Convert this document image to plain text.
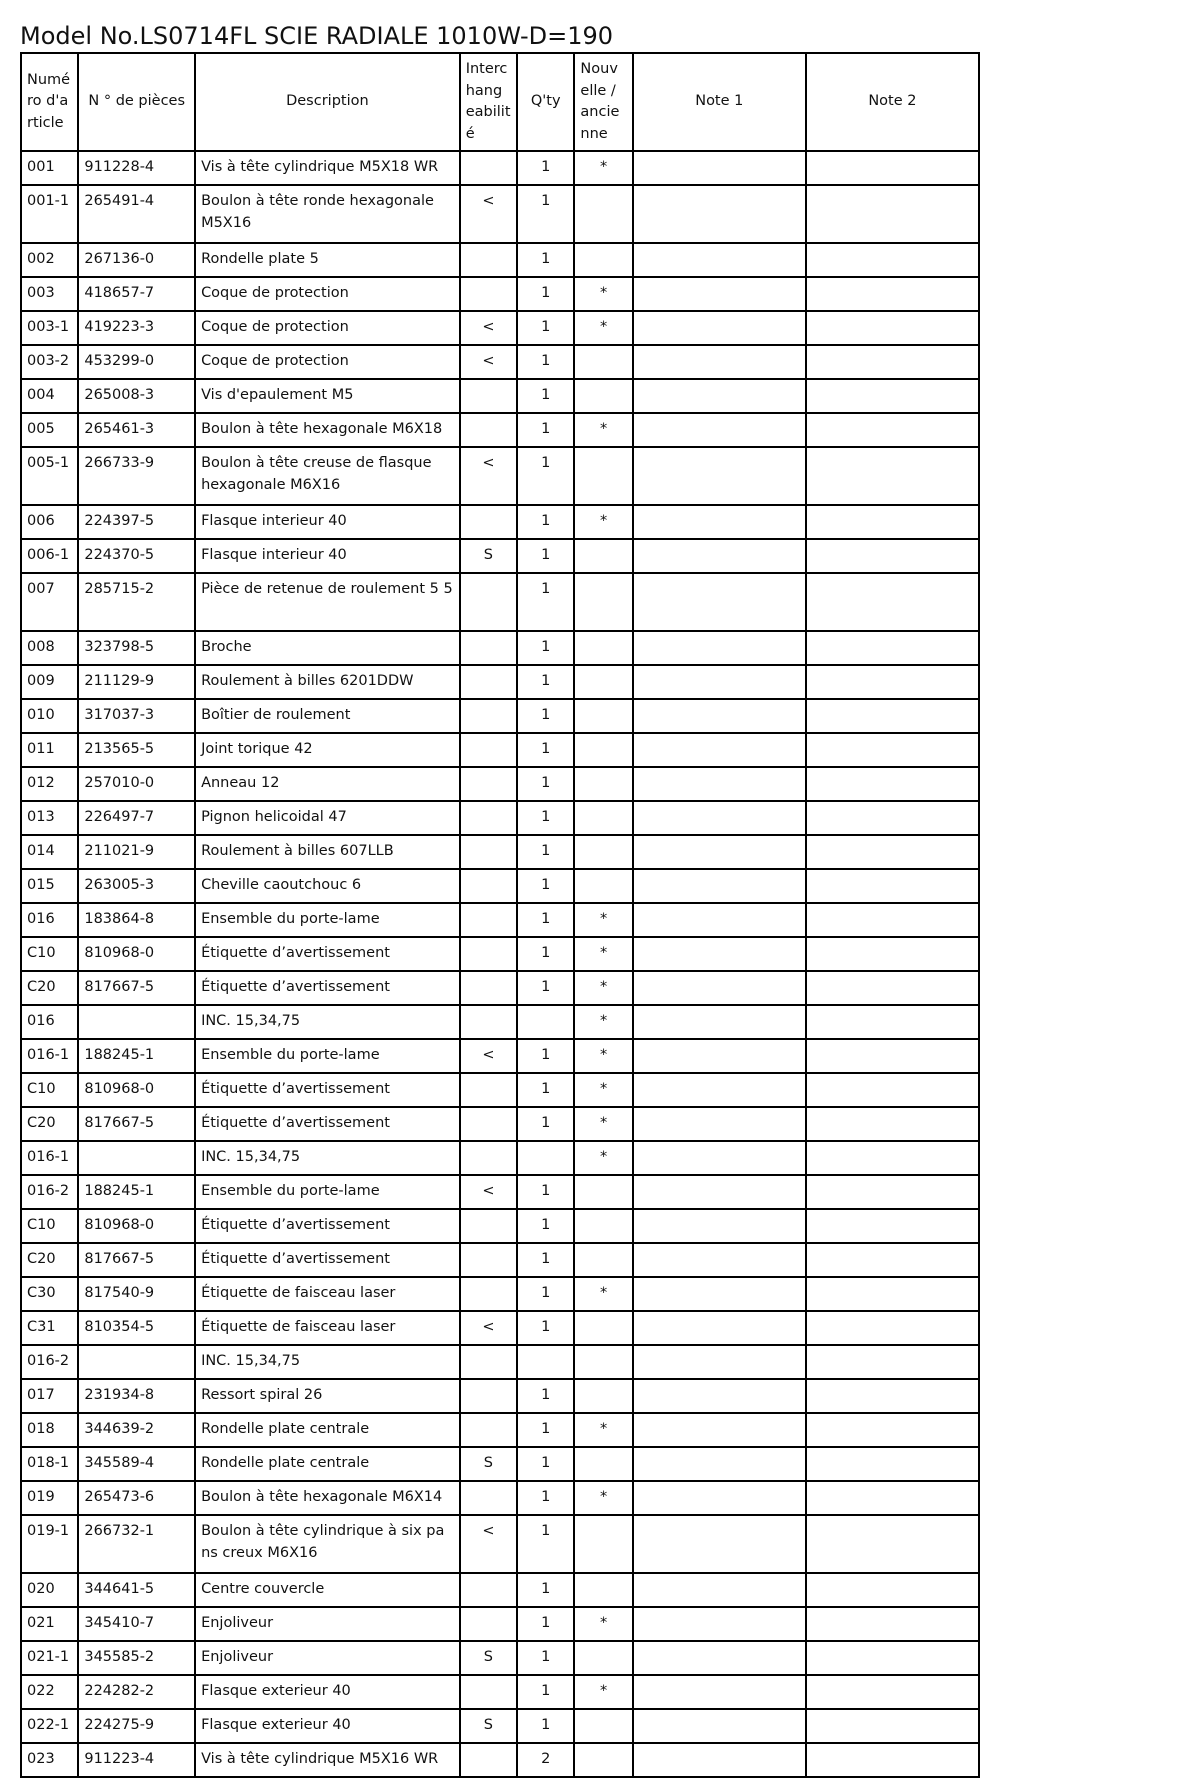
Model No.LS0714FL SCIE RADIALE 1010W-D=190
Numé ro d'a rticle	N ° de pièces	Description	Interc hang eabilit é	Q'ty	Nouv elle / ancie nne	Note 1	Note 2
001	911228-4	Vis à tête cylindrique M5X18 WR		1	*		
001-1	265491-4	Boulon à tête ronde hexagonale M5X16	<	1			
002	267136-0	Rondelle plate 5		1			
003	418657-7	Coque de protection		1	*		
003-1	419223-3	Coque de protection	<	1	*		
003-2	453299-0	Coque de protection	<	1			
004	265008-3	Vis d'epaulement M5		1			
005	265461-3	Boulon à tête hexagonale M6X18		1	*		
005-1	266733-9	Boulon à tête creuse de flasque hexagonale M6X16	<	1			
006	224397-5	Flasque interieur 40		1	*		
006-1	224370-5	Flasque interieur 40	S	1			
007	285715-2	Pièce de retenue de roulement 5 5		1			
008	323798-5	Broche		1			
009	211129-9	Roulement à billes 6201DDW		1			
010	317037-3	Boîtier de roulement		1			
011	213565-5	Joint torique 42		1			
012	257010-0	Anneau 12		1			
013	226497-7	Pignon helicoidal 47		1			
014	211021-9	Roulement à billes 607LLB		1			
015	263005-3	Cheville caoutchouc 6		1			
016	183864-8	Ensemble du porte-lame		1	*		
C10	810968-0	Étiquette d’avertissement		1	*		
C20	817667-5	Étiquette d’avertissement		1	*		
016		INC. 15,34,75			*		
016-1	188245-1	Ensemble du porte-lame	<	1	*		
C10	810968-0	Étiquette d’avertissement		1	*		
C20	817667-5	Étiquette d’avertissement		1	*		
016-1		INC. 15,34,75			*		
016-2	188245-1	Ensemble du porte-lame	<	1			
C10	810968-0	Étiquette d’avertissement		1			
C20	817667-5	Étiquette d’avertissement		1			
C30	817540-9	Étiquette de faisceau laser		1	*		
C31	810354-5	Étiquette de faisceau laser	<	1			
016-2		INC. 15,34,75					
017	231934-8	Ressort spiral 26		1			
018	344639-2	Rondelle plate centrale		1	*		
018-1	345589-4	Rondelle plate centrale	S	1			
019	265473-6	Boulon à tête hexagonale M6X14		1	*		
019-1	266732-1	Boulon à tête cylindrique à six pa ns creux M6X16	<	1			
020	344641-5	Centre couvercle		1			
021	345410-7	Enjoliveur		1	*		
021-1	345585-2	Enjoliveur	S	1			
022	224282-2	Flasque exterieur 40		1	*		
022-1	224275-9	Flasque exterieur 40	S	1			
023	911223-4	Vis à tête cylindrique M5X16 WR		2			
